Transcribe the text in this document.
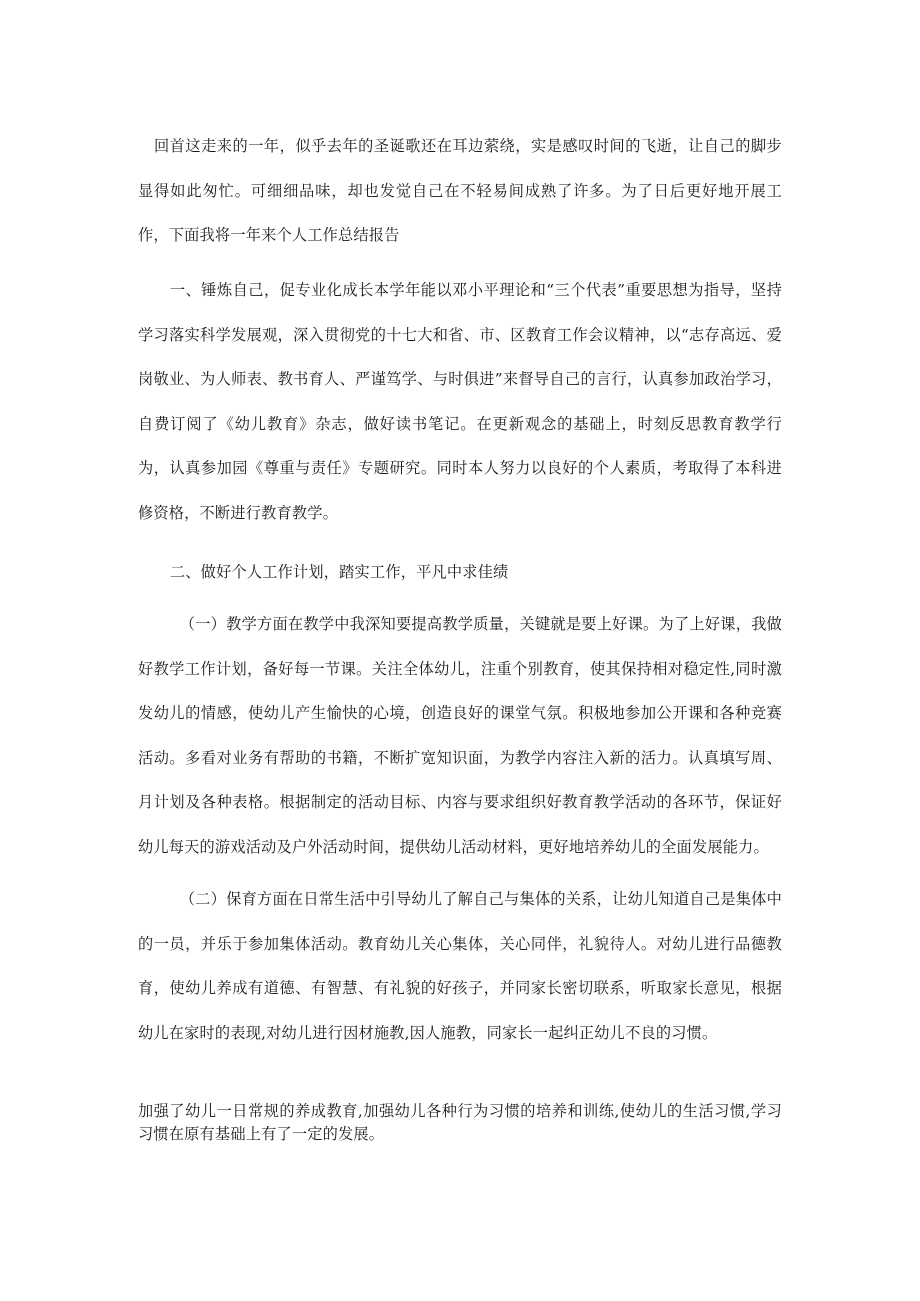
回首这走来的一年，似乎去年的圣诞歌还在耳边萦绕，实是感叹时间的飞逝，让自己的脚步显得如此匆忙。可细细品味，却也发觉自己在不轻易间成熟了许多。为了日后更好地开展工作，下面我将一年来个人工作总结报告

一、锤炼自己，促专业化成长本学年能以邓小平理论和“三个代表”重要思想为指导，坚持学习落实科学发展观，深入贯彻党的十七大和省、市、区教育工作会议精神，以“志存高远、爱岗敬业、为人师表、教书育人、严谨笃学、与时俱进”来督导自己的言行，认真参加政治学习，自费订阅了《幼儿教育》杂志，做好读书笔记。在更新观念的基础上，时刻反思教育教学行为，认真参加园《尊重与责任》专题研究。同时本人努力以良好的个人素质，考取得了本科进修资格，不断进行教育教学。

二、做好个人工作计划，踏实工作，平凡中求佳绩

（一）教学方面在教学中我深知要提高教学质量，关键就是要上好课。为了上好课，我做好教学工作计划，备好每一节课。关注全体幼儿，注重个别教育，使其保持相对稳定性,同时激发幼儿的情感，使幼儿产生愉快的心境，创造良好的课堂气氛。积极地参加公开课和各种竞赛活动。多看对业务有帮助的书籍，不断扩宽知识面，为教学内容注入新的活力。认真填写周、月计划及各种表格。根据制定的活动目标、内容与要求组织好教育教学活动的各环节，保证好幼儿每天的游戏活动及户外活动时间，提供幼儿活动材料，更好地培养幼儿的全面发展能力。

（二）保育方面在日常生活中引导幼儿了解自己与集体的关系，让幼儿知道自己是集体中的一员，并乐于参加集体活动。教育幼儿关心集体，关心同伴，礼貌待人。对幼儿进行品德教育，使幼儿养成有道德、有智慧、有礼貌的好孩子，并同家长密切联系，听取家长意见，根据幼儿在家时的表现,对幼儿进行因材施教,因人施教，同家长一起纠正幼儿不良的习惯。

加强了幼儿一日常规的养成教育,加强幼儿各种行为习惯的培养和训练,使幼儿的生活习惯,学习习惯在原有基础上有了一定的发展。
